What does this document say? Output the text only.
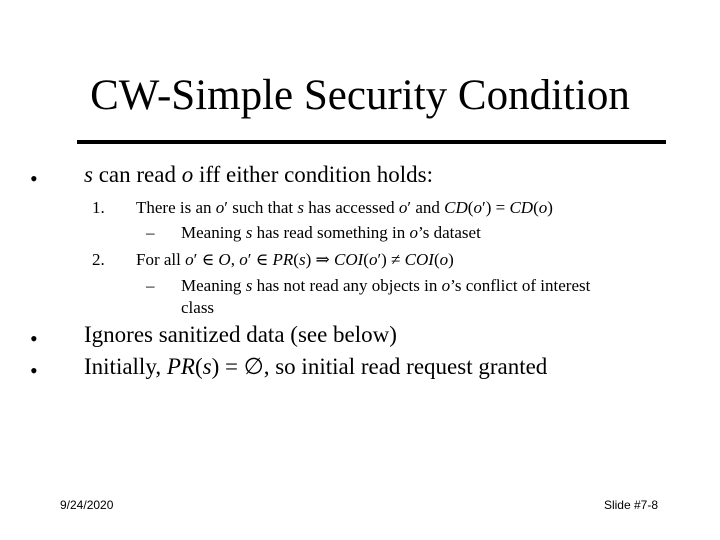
CW-Simple Security Condition
• s can read o iff either condition holds:
1. There is an o′ such that s has accessed o′ and CD(o′) = CD(o)
– Meaning s has read something in o’s dataset
2. For all o′ ∈ O, o′ ∈ PR(s) ⇒ COI(o′) ≠ COI(o)
– Meaning s has not read any objects in o’s conflict of interest
class
• Ignores sanitized data (see below)
• Initially, PR(s) = ∅, so initial read request granted
9/24/2020	Slide #7-8
